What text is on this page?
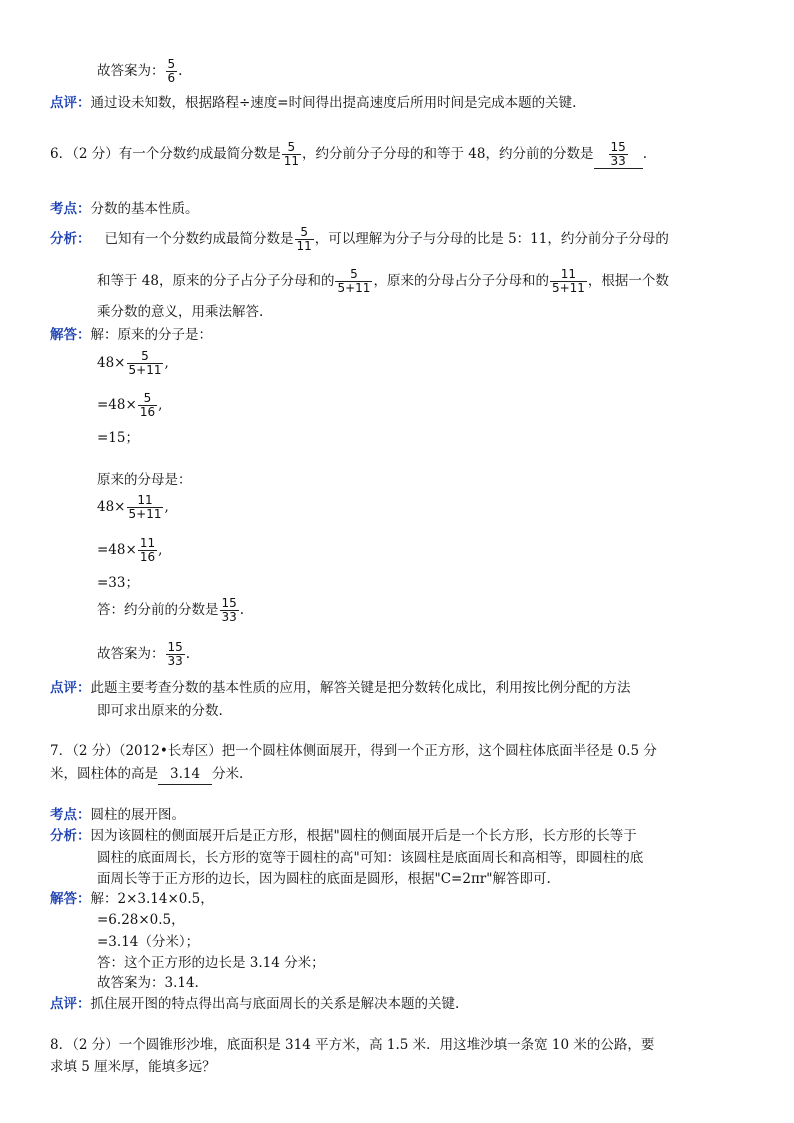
故答案为： $\frac{5}{6}$ .
点评：通过设未知数，根据路程÷速度=时间得出提高速度后所用时间是完成本题的关键.
6．（2 分）有一个分数约成最简分数是 $\frac{5}{11}$ ，约分前分子分母的和等于 48，约分前的分数是 $\frac{15}{33}$ .
考点：分数的基本性质。
分析： 已知有一个分数约成最简分数是 $\frac{5}{11}$ ，可以理解为分子与分母的比是 5：11，约分前分子分母的
和等于 48，原来的分子占分子分母和的 $\frac{5}{5+11}$ ，原来的分母占分子分母和的 $\frac{11}{5+11}$ ，根据一个数
乘分数的意义，用乘法解答.
解答：解：原来的分子是：
$48\times \frac{5}{5+11}$ ,
$=48\times \frac{5}{16}$ ,
=15；
原来的分母是：
$48\times \frac{11}{5+11}$ ,
$=48\times \frac{11}{16}$ ,
=33；
答：约分前的分数是 $\frac{15}{33}$ .
故答案为： $\frac{15}{33}$ .
点评：此题主要考查分数的基本性质的应用，解答关键是把分数转化成比，利用按比例分配的方法
即可求出原来的分数.
7．（2 分）（2012•长寿区）把一个圆柱体侧面展开，得到一个正方形，这个圆柱体底面半径是 0.5 分
米，圆柱体的高是 3.14 分米.
考点：圆柱的展开图。
分析：因为该圆柱的侧面展开后是正方形，根据"圆柱的侧面展开后是一个长方形，长方形的长等于
圆柱的底面周长，长方形的宽等于圆柱的高"可知：该圆柱是底面周长和高相等，即圆柱的底
面周长等于正方形的边长，因为圆柱的底面是圆形，根据"C=2πr"解答即可.
解答：解：2×3.14×0.5，
=6.28×0.5，
=3.14（分米）；
答：这个正方形的边长是 3.14 分米；
故答案为：3.14.
点评：抓住展开图的特点得出高与底面周长的关系是解决本题的关键.
8．（2 分）一个圆锥形沙堆，底面积是 314 平方米，高 1.5 米．用这堆沙填一条宽 10 米的公路，要
求填 5 厘米厚，能填多远？
